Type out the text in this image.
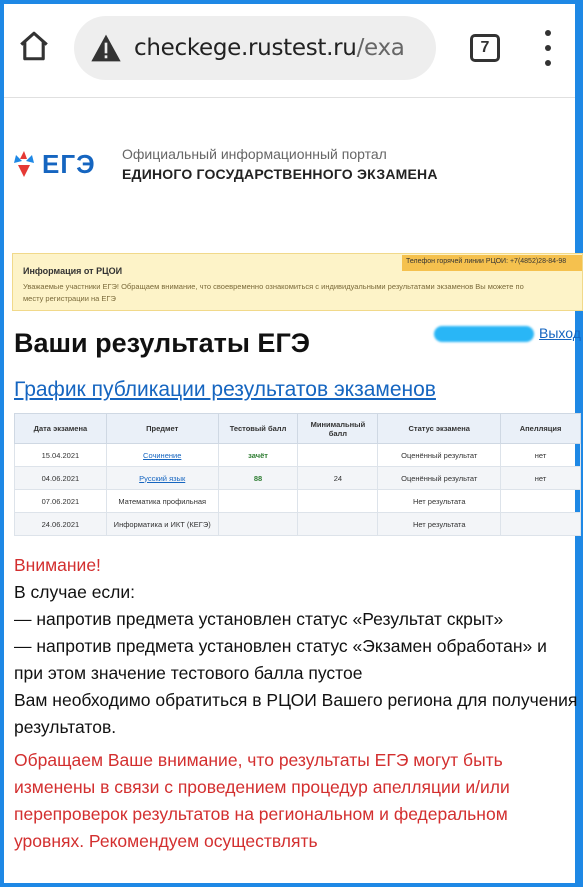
checkege.rustest.ru/exa	7
ЕГЭ Официальный информационный портал
ЕДИНОГО ГОСУДАРСТВЕННОГО ЭКЗАМЕНА
Телефон горячей линии РЦОИ: +7(4852)28-84-98
Информация от РЦОИ
Уважаемые участники ЕГЭ! Обращаем внимание, что своевременно ознакомиться с индивидуальными результатами экзаменов Вы можете по месту регистрации на ЕГЭ
Ваши результаты ЕГЭ	Выход
График публикации результатов экзаменов
Дата экзамена	Предмет	Тестовый балл	Минимальный балл	Статус экзамена	Апелляция
15.04.2021	Сочинение	зачёт		Оценённый результат	нет
04.06.2021	Русский язык	88	24	Оценённый результат	нет
07.06.2021	Математика профильная			Нет результата	
24.06.2021	Информатика и ИКТ (КЕГЭ)			Нет результата	
Внимание!
В случае если:
— напротив предмета установлен статус «Результат скрыт»
— напротив предмета установлен статус «Экзамен обработан» и при этом значение тестового балла пустое
Вам необходимо обратиться в РЦОИ Вашего региона для получения результатов.
Обращаем Ваше внимание, что результаты ЕГЭ могут быть изменены в связи с проведением процедур апелляции и/или перепроверок результатов на региональном и федеральном уровнях. Рекомендуем осуществлять
